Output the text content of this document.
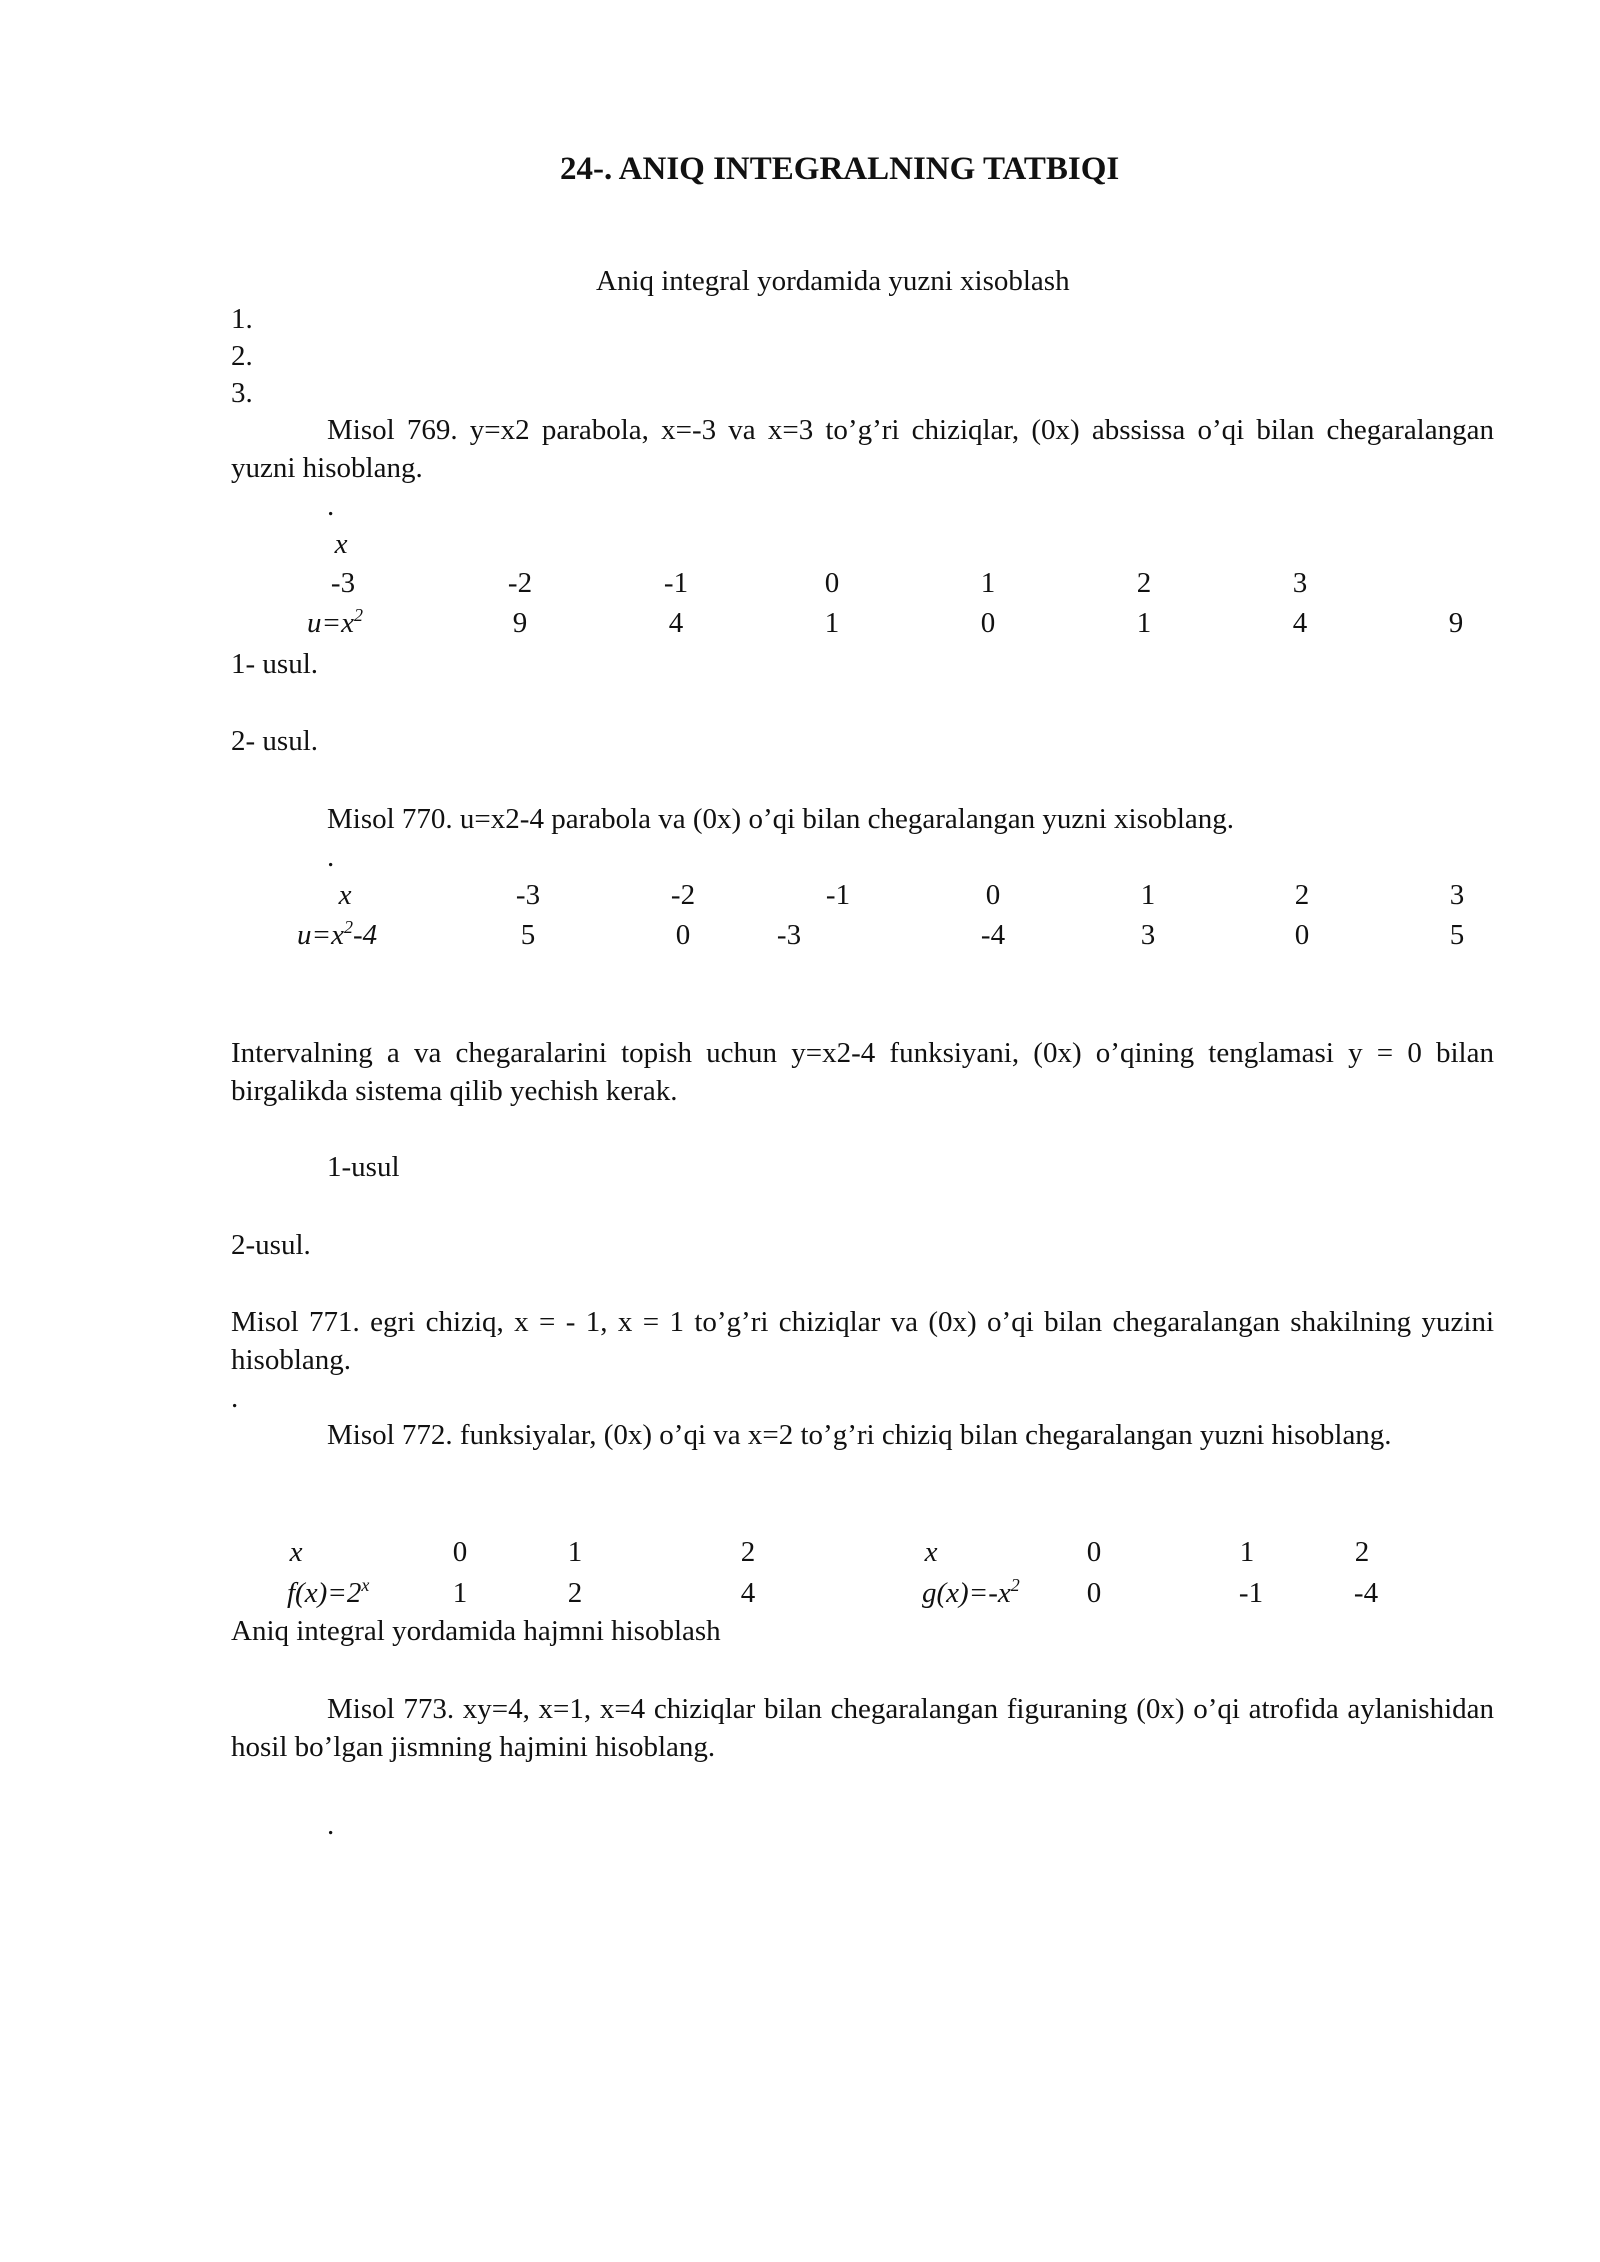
24-. ANIQ INTEGRALNING TATBIQI
Aniq integral yordamida yuzni xisoblash
1.
2.
3.
Misol 769. y=x2 parabola, x=-3 va x=3 to’g’ri chiziqlar, (0x) abssissa o’qi bilan chegaralangan yuzni hisoblang.
.
x
-3	-2	-1	0	1	2	3
$u=x^2$	9	4	1	0	1	4	9
1- usul.
2- usul.
Misol 770. u=x2-4 parabola va (0x) o’qi bilan chegaralangan yuzni xisoblang.
.
x	-3	-2	-1	0	1	2	3
$u=x^2-4$	5	0	-3	-4	3	0	5
Intervalning a va chegaralarini topish uchun y=x2-4 funksiyani, (0x) o’qining tenglamasi y = 0 bilan birgalikda sistema qilib yechish kerak.
1-usul
2-usul.
Misol 771. egri chiziq, x = - 1, x = 1 to’g’ri chiziqlar va (0x) o’qi bilan chegaralangan shakilning yuzini hisoblang.
.
Misol 772. funksiyalar, (0x) o’qi va x=2 to’g’ri chiziq bilan chegaralangan yuzni hisoblang.
x	0	1	2
$f(x)=2^x$	1	2	4
x	0	1	2
$g(x)=-x^2$ 0	-1	-4
Aniq integral yordamida hajmni hisoblash
Misol 773. xy=4, x=1, x=4 chiziqlar bilan chegaralangan figuraning (0x) o’qi atrofida aylanishidan hosil bo’lgan jismning hajmini hisoblang.
.
